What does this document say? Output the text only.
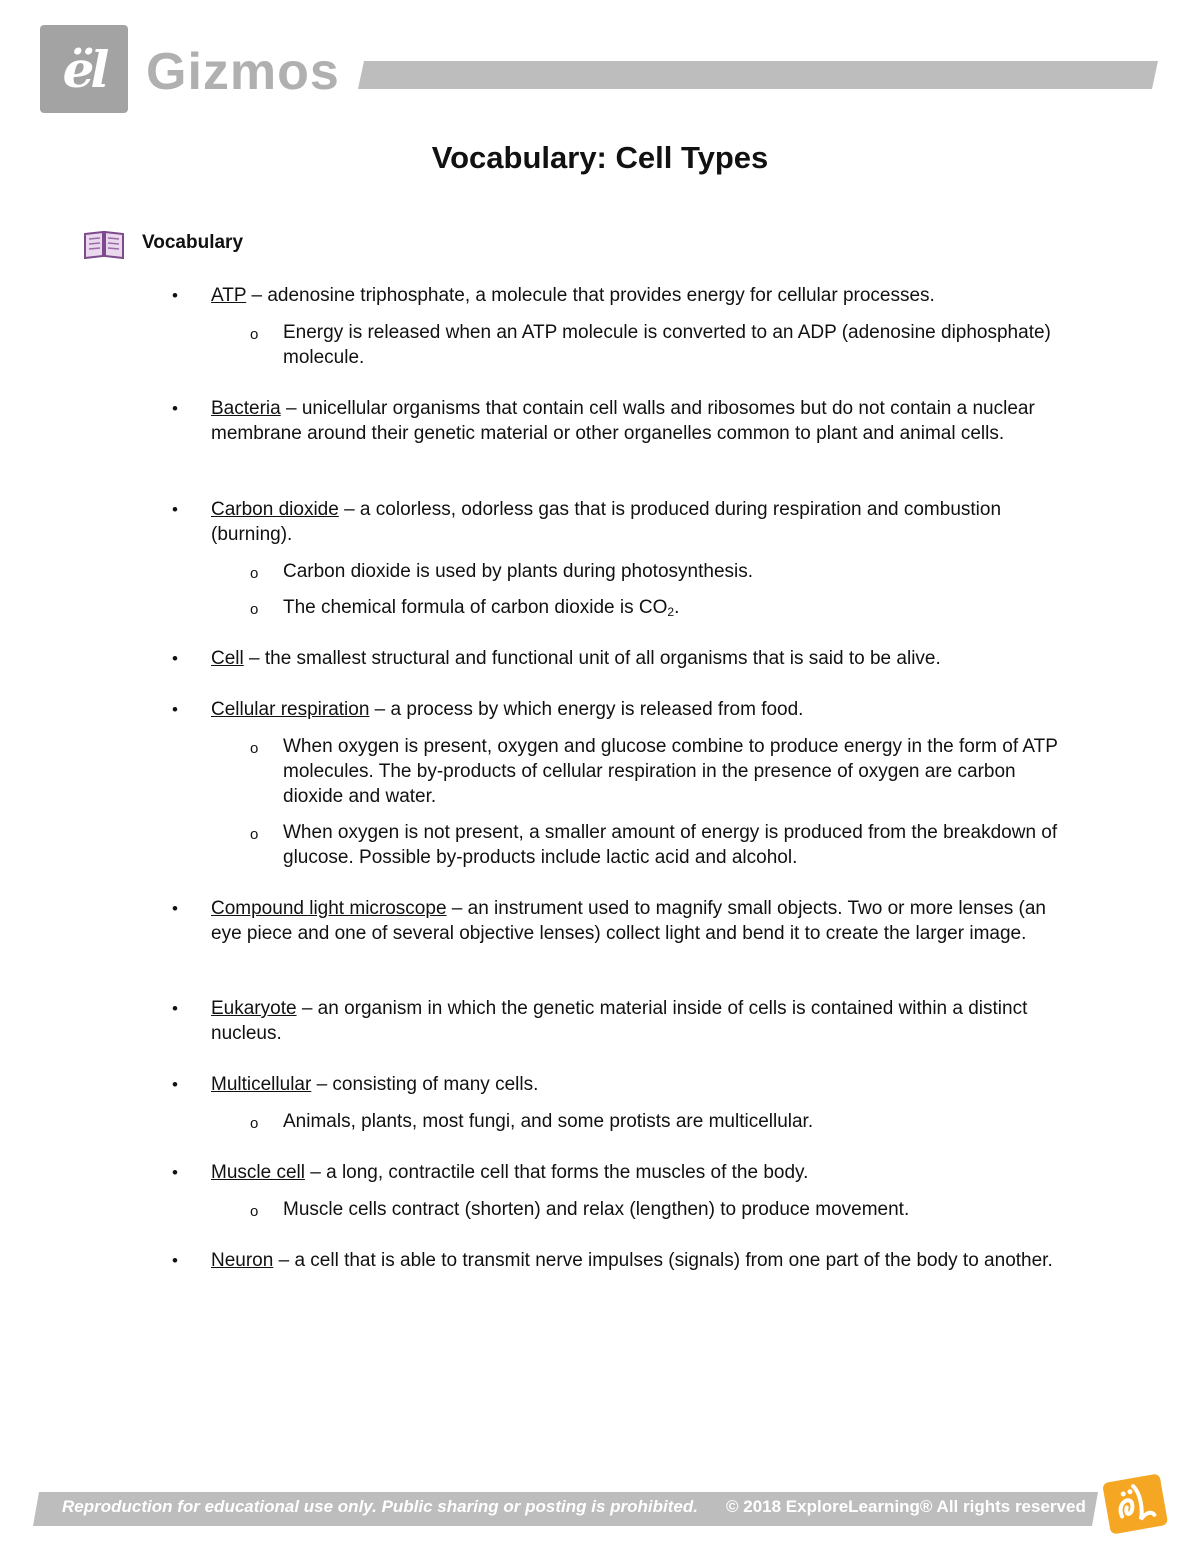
ël Gizmos
Vocabulary: Cell Types
Vocabulary
• ATP – adenosine triphosphate, a molecule that provides energy for cellular processes.
o Energy is released when an ATP molecule is converted to an ADP (adenosine diphosphate) molecule.
• Bacteria – unicellular organisms that contain cell walls and ribosomes but do not contain a nuclear membrane around their genetic material or other organelles common to plant and animal cells.
• Carbon dioxide – a colorless, odorless gas that is produced during respiration and combustion (burning).
o Carbon dioxide is used by plants during photosynthesis.
o The chemical formula of carbon dioxide is $CO_2$.
• Cell – the smallest structural and functional unit of all organisms that is said to be alive.
• Cellular respiration – a process by which energy is released from food.
o When oxygen is present, oxygen and glucose combine to produce energy in the form of ATP molecules. The by-products of cellular respiration in the presence of oxygen are carbon dioxide and water.
o When oxygen is not present, a smaller amount of energy is produced from the breakdown of glucose. Possible by-products include lactic acid and alcohol.
• Compound light microscope – an instrument used to magnify small objects. Two or more lenses (an eye piece and one of several objective lenses) collect light and bend it to create the larger image.
• Eukaryote – an organism in which the genetic material inside of cells is contained within a distinct nucleus.
• Multicellular – consisting of many cells.
o Animals, plants, most fungi, and some protists are multicellular.
• Muscle cell – a long, contractile cell that forms the muscles of the body.
o Muscle cells contract (shorten) and relax (lengthen) to produce movement.
• Neuron – a cell that is able to transmit nerve impulses (signals) from one part of the body to another.
Reproduction for educational use only. Public sharing or posting is prohibited. © 2018 ExploreLearning® All rights reserved
